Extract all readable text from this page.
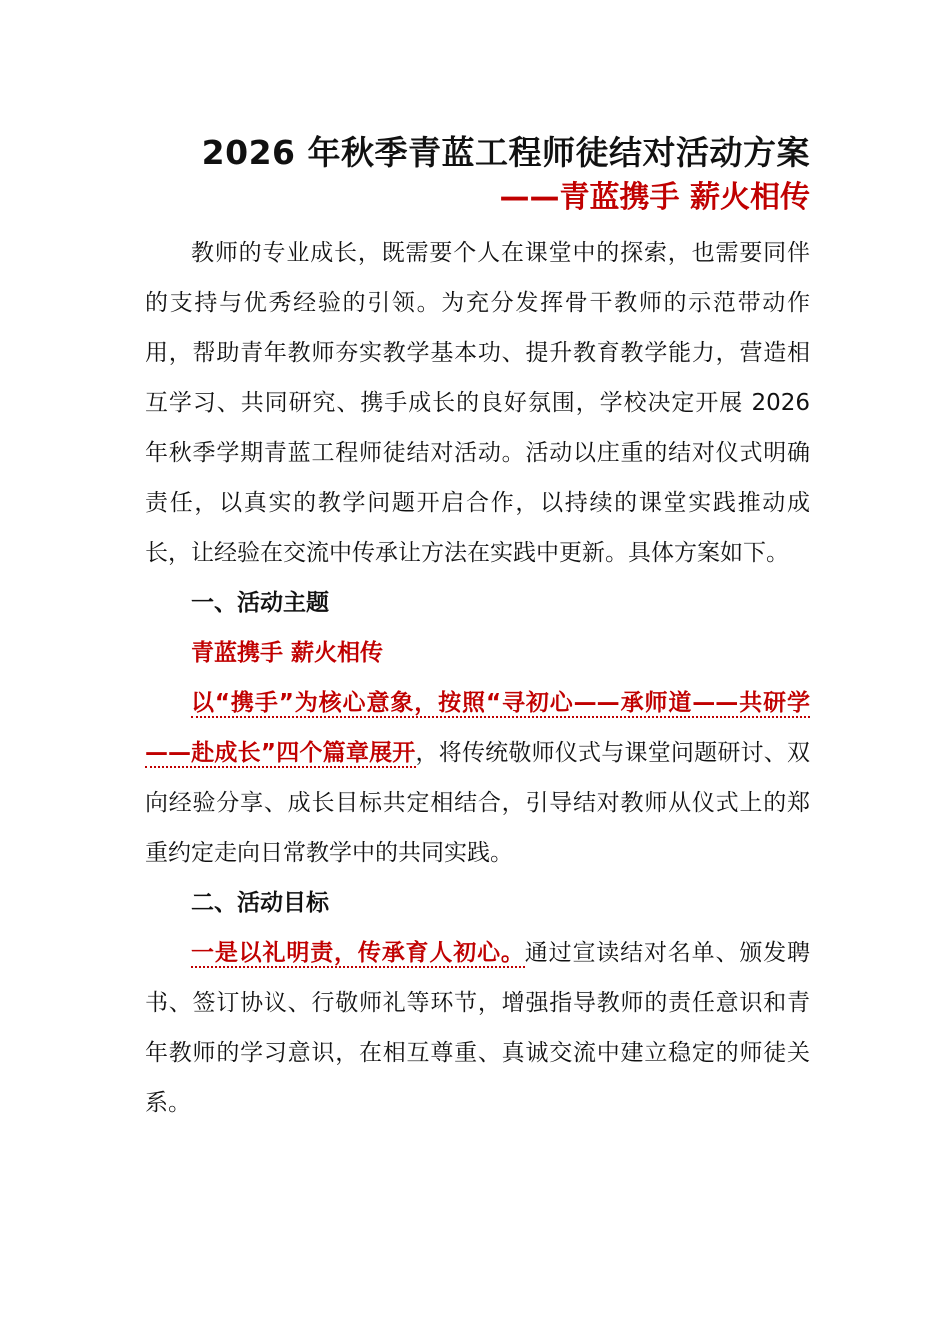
2026 年秋季青蓝工程师徒结对活动方案
——青蓝携手 薪火相传

教师的专业成长，既需要个人在课堂中的探索，也需要同伴的支持与优秀经验的引领。为充分发挥骨干教师的示范带动作用，帮助青年教师夯实教学基本功、提升教育教学能力，营造相互学习、共同研究、携手成长的良好氛围，学校决定开展 2026 年秋季学期青蓝工程师徒结对活动。活动以庄重的结对仪式明确责任，以真实的教学问题开启合作，以持续的课堂实践推动成长，让经验在交流中传承让方法在实践中更新。具体方案如下。

一、活动主题

青蓝携手 薪火相传

以“携手”为核心意象，按照“寻初心——承师道——共研学——赴成长”四个篇章展开，将传统敬师仪式与课堂问题研讨、双向经验分享、成长目标共定相结合，引导结对教师从仪式上的郑重约定走向日常教学中的共同实践。

二、活动目标

一是以礼明责，传承育人初心。通过宣读结对名单、颁发聘书、签订协议、行敬师礼等环节，增强指导教师的责任意识和青年教师的学习意识，在相互尊重、真诚交流中建立稳定的师徒关系。
